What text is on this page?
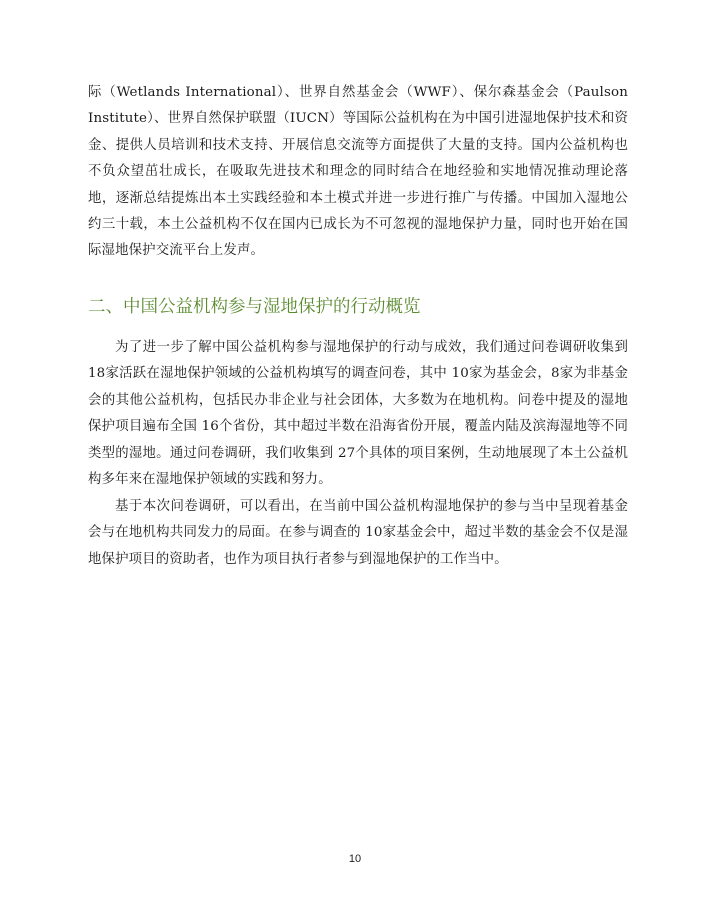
际（Wetlands International）、世界自然基金会（WWF）、保尔森基金会（Paulson Institute）、世界自然保护联盟（IUCN）等国际公益机构在为中国引进湿地保护技术和资金、提供人员培训和技术支持、开展信息交流等方面提供了大量的支持。国内公益机构也不负众望茁壮成长，在吸取先进技术和理念的同时结合在地经验和实地情况推动理论落地，逐渐总结提炼出本土实践经验和本土模式并进一步进行推广与传播。中国加入湿地公约三十载，本土公益机构不仅在国内已成长为不可忽视的湿地保护力量，同时也开始在国际湿地保护交流平台上发声。

二、中国公益机构参与湿地保护的行动概览

为了进一步了解中国公益机构参与湿地保护的行动与成效，我们通过问卷调研收集到18家活跃在湿地保护领域的公益机构填写的调查问卷，其中 10家为基金会，8家为非基金会的其他公益机构，包括民办非企业与社会团体，大多数为在地机构。问卷中提及的湿地保护项目遍布全国 16个省份，其中超过半数在沿海省份开展，覆盖内陆及滨海湿地等不同类型的湿地。通过问卷调研，我们收集到 27个具体的项目案例，生动地展现了本土公益机构多年来在湿地保护领域的实践和努力。

基于本次问卷调研，可以看出，在当前中国公益机构湿地保护的参与当中呈现着基金会与在地机构共同发力的局面。在参与调查的 10家基金会中，超过半数的基金会不仅是湿地保护项目的资助者，也作为项目执行者参与到湿地保护的工作当中。

10
